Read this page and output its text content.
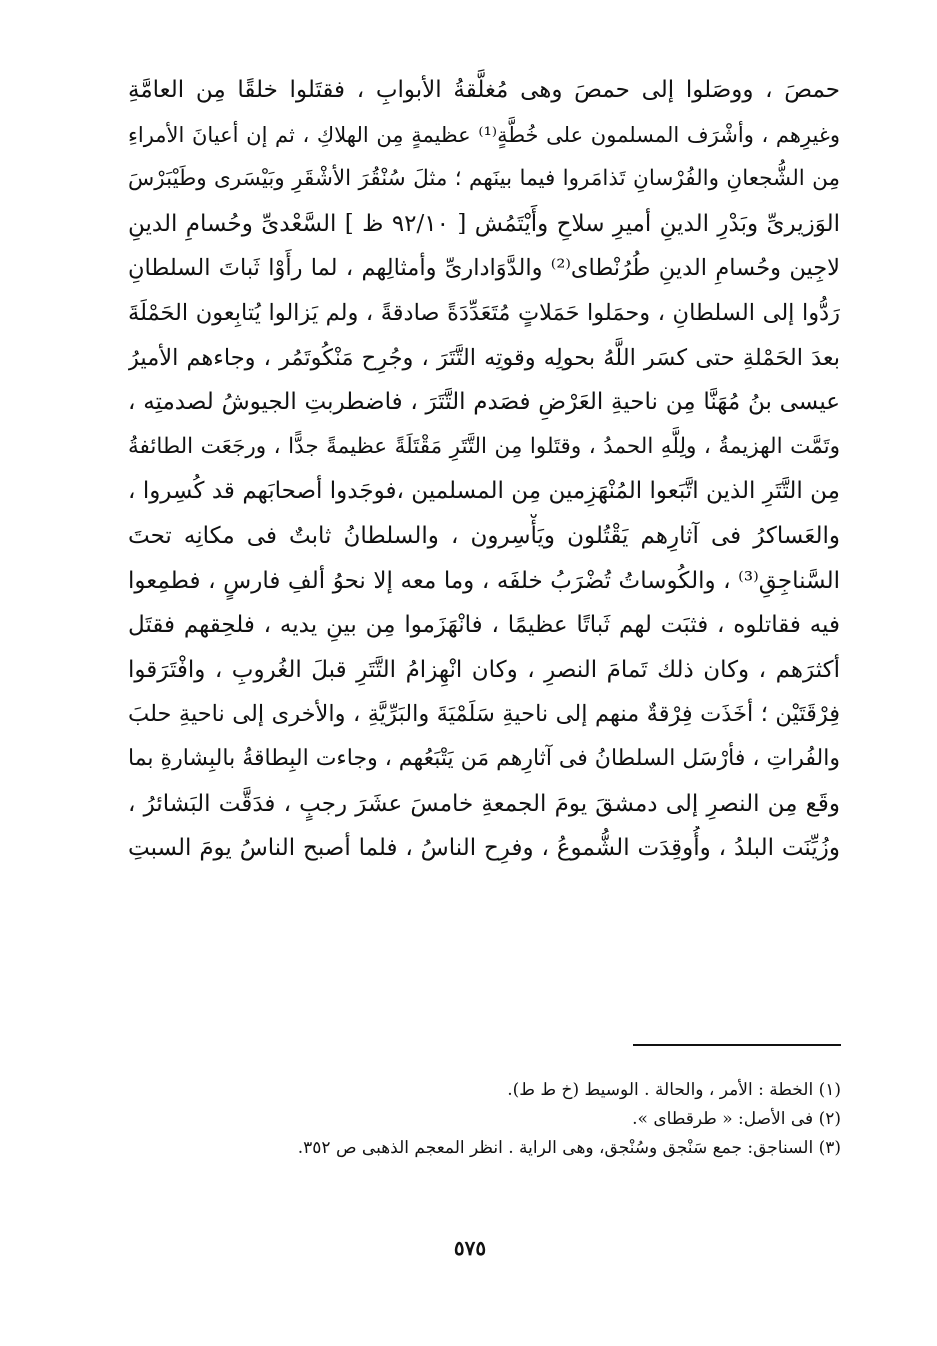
حمصَ ، ووصَلوا إلى حمصَ وهى مُغلَّقةُ الأبوابِ ، فقتَلوا خلقًا مِن العامَّةِ
وغيرِهم ، وأشْرَف المسلمون على خُطَّةٍ⁽¹⁾ عظيمةٍ مِن الهلاكِ ، ثم إن أعيانَ الأمراءِ
مِن الشُّجعانِ والفُرْسانِ تَذامَروا فيما بينَهم ؛ مثلَ سُنْقُرَ الأشْقَرِ وبَيْسَرى وطَيْبَرْسَ
الوَزيرىِّ وبَدْرِ الدينِ أميرِ سلاحِ وأَيْتَمُش [ ٩٢/١٠ ظ ] السَّعْدىِّ وحُسامِ الدينِ
لاجِين وحُسامِ الدينِ طُرُنْطاى⁽²⁾ والدَّوَادارىِّ وأمثالِهم ، لما رأَوْا ثَباتَ السلطانِ
رَدُّوا إلى السلطانِ ، وحمَلوا حَمَلاتٍ مُتَعَدِّدَةً صادقةً ، ولم يَزالوا يُتابِعون الحَمْلَةَ
بعدَ الحَمْلةِ حتى كسَر اللَّهُ بحولِه وقوتِه التَّتَرَ ، وجُرِح مَنْكُوتَمُر ، وجاءهم الأميرُ
عيسى بنُ مُهَنَّا مِن ناحيةِ العَرْضِ فصَدم التَّتَرَ ، فاضطربتِ الجيوشُ لصدمتِه ،
وتَمَّت الهزيمةُ ، ولِلَّهِ الحمدُ ، وقتَلوا مِن التَّتَرِ مَقْتَلَةً عظيمةً جدًّا ، ورجَعَت الطائفةُ
مِن التَّتَرِ الذين اتَّبَعوا المُنْهَزِمين مِن المسلمين ،فوجَدوا أصحابَهم قد كُسِروا ،
والعَساكرُ فى آثارِهم يَقْتُلون ويَأْسِرون ، والسلطانُ ثابتٌ فى مكانِه تحتَ
السَّناجِقِ⁽³⁾ ، والكُوساتُ تُضْرَبُ خلفَه ، وما معه إلا نحوُ ألفِ فارسٍ ، فطمِعوا
فيه فقاتلوه ، فثبَت لهم ثَباتًا عظيمًا ، فانْهَزَموا مِن بينِ يديه ، فلحِقهم فقتَل
أكثرَهم ، وكان ذلك تَمامَ النصرِ ، وكان انْهِزامُ التَّتَرِ قبلَ الغُروبِ ، وافْتَرَقوا
فِرْقَتَيْن ؛ أخَذَت فِرْقةٌ منهم إلى ناحيةِ سَلَمْيَةَ والبَرِّيَّةِ ، والأخرى إلى ناحيةِ حلبَ
والفُراتِ ، فأرْسَل السلطانُ فى آثارِهم مَن يَتْبَعُهم ، وجاءت البِطاقةُ بالبِشارةِ بما
وقَع مِن النصرِ إلى دمشقَ يومَ الجمعةِ خامسَ عشَرَ رجبٍ ، فدَقَّت البَشائرُ ،
وزُيِّنَت البلدُ ، وأُوقِدَت الشُّموعُ ، وفرِح الناسُ ، فلما أصبح الناسُ يومَ السبتِ
(١) الخطة : الأمر ، والحالة . الوسيط (خ ط ط).
(٢) فى الأصل: « طرقطاى ».
(٣) السناجق: جمع سَنْجق وسُنْجق، وهى الراية . انظر المعجم الذهبى ص ٣٥٢.
٥٧٥
